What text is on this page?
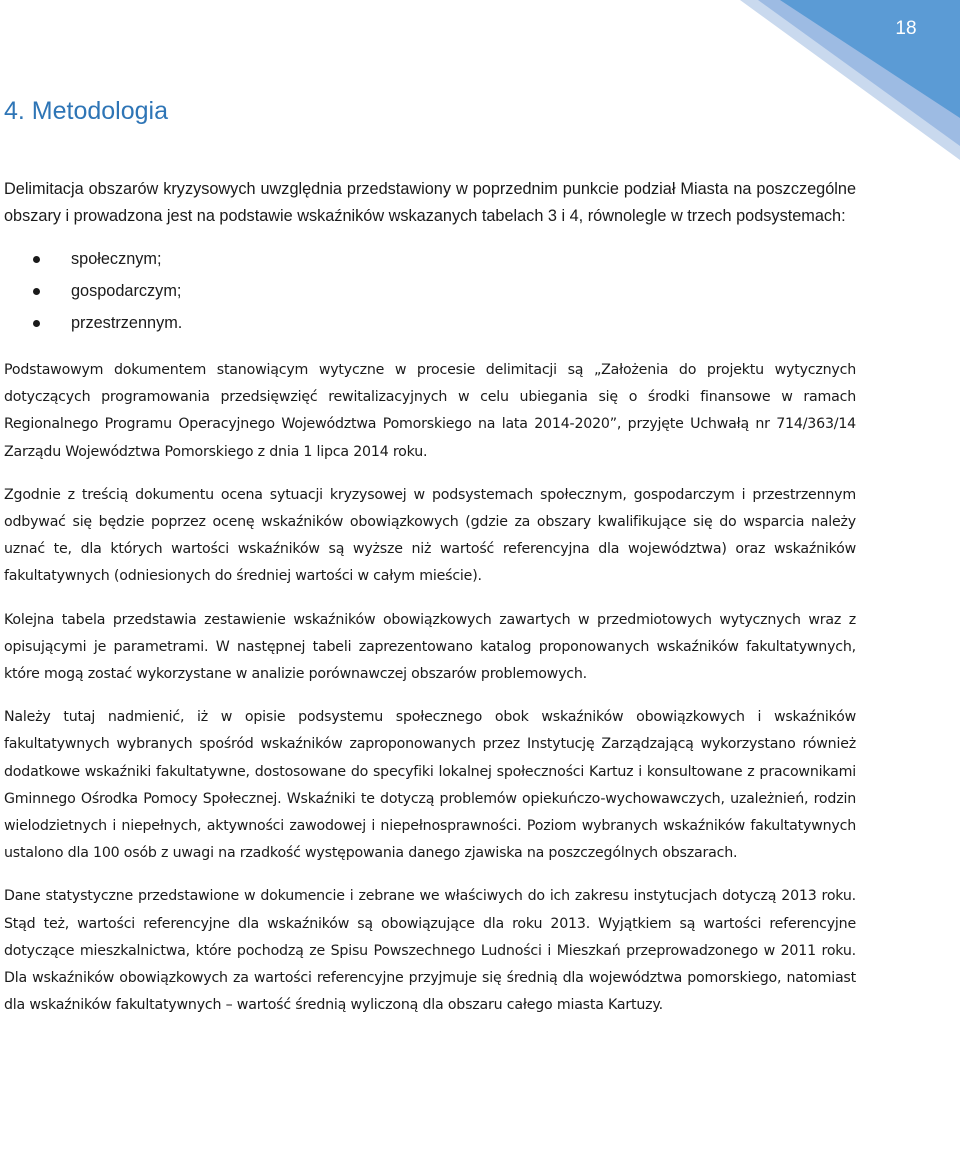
18
4. Metodologia

Delimitacja obszarów kryzysowych uwzględnia przedstawiony w poprzednim punkcie podział Miasta na poszczególne obszary i prowadzona jest na podstawie wskaźników wskazanych tabelach 3 i 4, równolegle w trzech podsystemach:

społecznym;
gospodarczym;
przestrzennym.

Podstawowym dokumentem stanowiącym wytyczne w procesie delimitacji są „Założenia do projektu wytycznych dotyczących programowania przedsięwzięć rewitalizacyjnych w celu ubiegania się o środki finansowe w ramach Regionalnego Programu Operacyjnego Województwa Pomorskiego na lata 2014-2020”, przyjęte Uchwałą nr 714/363/14 Zarządu Województwa Pomorskiego z dnia 1 lipca 2014 roku.

Zgodnie z treścią dokumentu ocena sytuacji kryzysowej w podsystemach społecznym, gospodarczym i przestrzennym odbywać się będzie poprzez ocenę wskaźników obowiązkowych (gdzie za obszary kwalifikujące się do wsparcia należy uznać te, dla których wartości wskaźników są wyższe niż wartość referencyjna dla województwa) oraz wskaźników fakultatywnych (odniesionych do średniej wartości w całym mieście).

Kolejna tabela przedstawia zestawienie wskaźników obowiązkowych zawartych w przedmiotowych wytycznych wraz z opisującymi je parametrami. W następnej tabeli zaprezentowano katalog proponowanych wskaźników fakultatywnych, które mogą zostać wykorzystane w analizie porównawczej obszarów problemowych.

Należy tutaj nadmienić, iż w opisie podsystemu społecznego obok wskaźników obowiązkowych i wskaźników fakultatywnych wybranych spośród wskaźników zaproponowanych przez Instytucję Zarządzającą wykorzystano również dodatkowe wskaźniki fakultatywne, dostosowane do specyfiki lokalnej społeczności Kartuz i konsultowane z pracownikami Gminnego Ośrodka Pomocy Społecznej. Wskaźniki te dotyczą problemów opiekuńczo-wychowawczych, uzależnień, rodzin wielodzietnych i niepełnych, aktywności zawodowej i niepełnosprawności. Poziom wybranych wskaźników fakultatywnych ustalono dla 100 osób z uwagi na rzadkość występowania danego zjawiska na poszczególnych obszarach.

Dane statystyczne przedstawione w dokumencie i zebrane we właściwych do ich zakresu instytucjach dotyczą 2013 roku. Stąd też, wartości referencyjne dla wskaźników są obowiązujące dla roku 2013. Wyjątkiem są wartości referencyjne dotyczące mieszkalnictwa, które pochodzą ze Spisu Powszechnego Ludności i Mieszkań przeprowadzonego w 2011 roku. Dla wskaźników obowiązkowych za wartości referencyjne przyjmuje się średnią dla województwa pomorskiego, natomiast dla wskaźników fakultatywnych – wartość średnią wyliczoną dla obszaru całego miasta Kartuzy.
